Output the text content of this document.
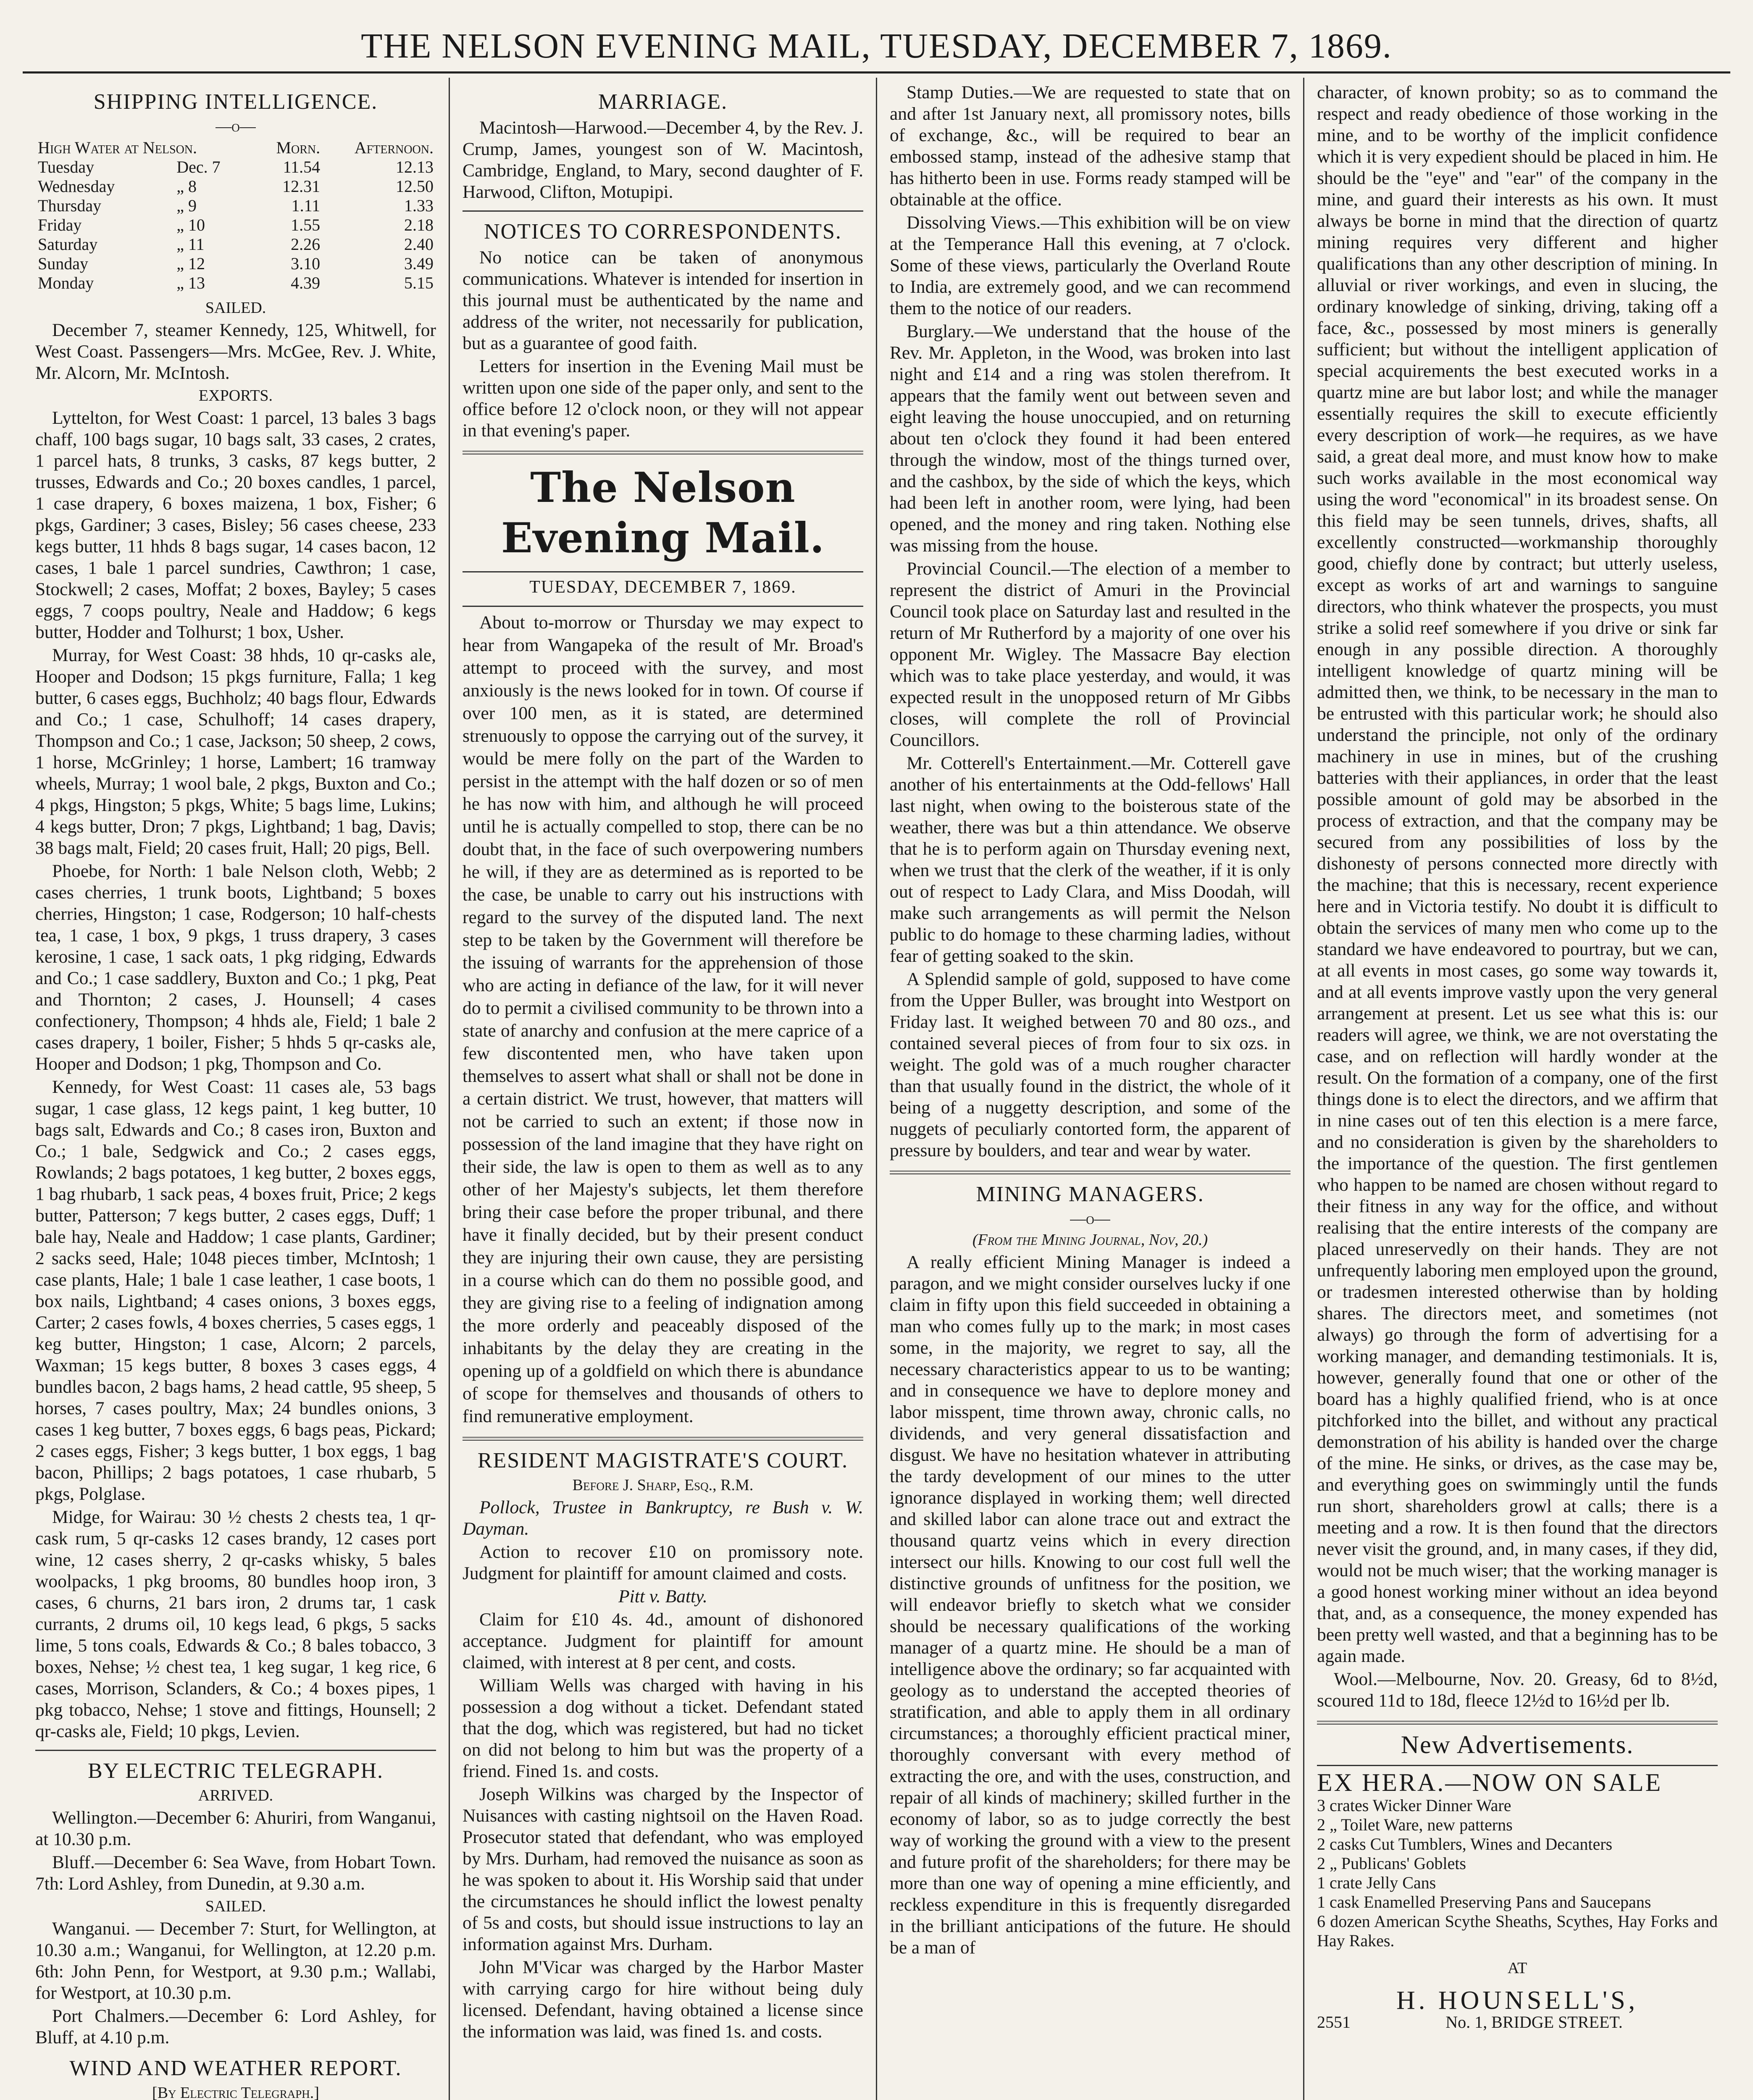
THE NELSON EVENING MAIL, TUESDAY, DECEMBER 7, 1869.
SHIPPING INTELLIGENCE.
—o—
High Water at Nelson.		Morn.	Afternoon.
Tuesday	Dec. 7	11.54	12.13
Wednesday	„ 8	12.31	12.50
Thursday	„ 9	1.11	1.33
Friday	„ 10	1.55	2.18
Saturday	„ 11	2.26	2.40
Sunday	„ 12	3.10	3.49
Monday	„ 13	4.39	5.15
SAILED.

December 7, steamer Kennedy, 125, Whitwell, for West Coast. Passengers—Mrs. McGee, Rev. J. White, Mr. Alcorn, Mr. McIntosh.

EXPORTS.

Lyttelton, for West Coast: 1 parcel, 13 bales 3 bags chaff, 100 bags sugar, 10 bags salt, 33 cases, 2 crates, 1 parcel hats, 8 trunks, 3 casks, 87 kegs butter, 2 trusses, Edwards and Co.; 20 boxes candles, 1 parcel, 1 case drapery, 6 boxes maizena, 1 box, Fisher; 6 pkgs, Gardiner; 3 cases, Bisley; 56 cases cheese, 233 kegs butter, 11 hhds 8 bags sugar, 14 cases bacon, 12 cases, 1 bale 1 parcel sundries, Cawthron; 1 case, Stockwell; 2 cases, Moffat; 2 boxes, Bayley; 5 cases eggs, 7 coops poultry, Neale and Haddow; 6 kegs butter, Hodder and Tolhurst; 1 box, Usher.

Murray, for West Coast: 38 hhds, 10 qr-casks ale, Hooper and Dodson; 15 pkgs furniture, Falla; 1 keg butter, 6 cases eggs, Buchholz; 40 bags flour, Edwards and Co.; 1 case, Schulhoff; 14 cases drapery, Thompson and Co.; 1 case, Jackson; 50 sheep, 2 cows, 1 horse, McGrinley; 1 horse, Lambert; 16 tramway wheels, Murray; 1 wool bale, 2 pkgs, Buxton and Co.; 4 pkgs, Hingston; 5 pkgs, White; 5 bags lime, Lukins; 4 kegs butter, Dron; 7 pkgs, Lightband; 1 bag, Davis; 38 bags malt, Field; 20 cases fruit, Hall; 20 pigs, Bell.

Phoebe, for North: 1 bale Nelson cloth, Webb; 2 cases cherries, 1 trunk boots, Lightband; 5 boxes cherries, Hingston; 1 case, Rodgerson; 10 half-chests tea, 1 case, 1 box, 9 pkgs, 1 truss drapery, 3 cases kerosine, 1 case, 1 sack oats, 1 pkg ridging, Edwards and Co.; 1 case saddlery, Buxton and Co.; 1 pkg, Peat and Thornton; 2 cases, J. Hounsell; 4 cases confectionery, Thompson; 4 hhds ale, Field; 1 bale 2 cases drapery, 1 boiler, Fisher; 5 hhds 5 qr-casks ale, Hooper and Dodson; 1 pkg, Thompson and Co.

Kennedy, for West Coast: 11 cases ale, 53 bags sugar, 1 case glass, 12 kegs paint, 1 keg butter, 10 bags salt, Edwards and Co.; 8 cases iron, Buxton and Co.; 1 bale, Sedgwick and Co.; 2 cases eggs, Rowlands; 2 bags potatoes, 1 keg butter, 2 boxes eggs, 1 bag rhubarb, 1 sack peas, 4 boxes fruit, Price; 2 kegs butter, Patterson; 7 kegs butter, 2 cases eggs, Duff; 1 bale hay, Neale and Haddow; 1 case plants, Gardiner; 2 sacks seed, Hale; 1048 pieces timber, McIntosh; 1 case plants, Hale; 1 bale 1 case leather, 1 case boots, 1 box nails, Lightband; 4 cases onions, 3 boxes eggs, Carter; 2 cases fowls, 4 boxes cherries, 5 cases eggs, 1 keg butter, Hingston; 1 case, Alcorn; 2 parcels, Waxman; 15 kegs butter, 8 boxes 3 cases eggs, 4 bundles bacon, 2 bags hams, 2 head cattle, 95 sheep, 5 horses, 7 cases poultry, Max; 24 bundles onions, 3 cases 1 keg butter, 7 boxes eggs, 6 bags peas, Pickard; 2 cases eggs, Fisher; 3 kegs butter, 1 box eggs, 1 bag bacon, Phillips; 2 bags potatoes, 1 case rhubarb, 5 pkgs, Polglase.

Midge, for Wairau: 30 ½ chests 2 chests tea, 1 qr-cask rum, 5 qr-casks 12 cases brandy, 12 cases port wine, 12 cases sherry, 2 qr-casks whisky, 5 bales woolpacks, 1 pkg brooms, 80 bundles hoop iron, 3 cases, 6 churns, 21 bars iron, 2 drums tar, 1 cask currants, 2 drums oil, 10 kegs lead, 6 pkgs, 5 sacks lime, 5 tons coals, Edwards & Co.; 8 bales tobacco, 3 boxes, Nehse; ½ chest tea, 1 keg sugar, 1 keg rice, 6 cases, Morrison, Sclanders, & Co.; 4 boxes pipes, 1 pkg tobacco, Nehse; 1 stove and fittings, Hounsell; 2 qr-casks ale, Field; 10 pkgs, Levien.

BY ELECTRIC TELEGRAPH.
ARRIVED.

Wellington.—December 6: Ahuriri, from Wanganui, at 10.30 p.m.

Bluff.—December 6: Sea Wave, from Hobart Town. 7th: Lord Ashley, from Dunedin, at 9.30 a.m.

SAILED.

Wanganui. — December 7: Sturt, for Wellington, at 10.30 a.m.; Wanganui, for Wellington, at 12.20 p.m. 6th: John Penn, for Westport, at 9.30 p.m.; Wallabi, for Westport, at 10.30 p.m.

Port Chalmers.—December 6: Lord Ashley, for Bluff, at 4.10 p.m.

WIND AND WEATHER REPORT.
[By Electric Telegraph.]

MARRIAGE.

Macintosh—Harwood.—December 4, by the Rev. J. Crump, James, youngest son of W. Macintosh, Cambridge, England, to Mary, second daughter of F. Harwood, Clifton, Motupipi.

NOTICES TO CORRESPONDENTS.

No notice can be taken of anonymous communications. Whatever is intended for insertion in this journal must be authenticated by the name and address of the writer, not necessarily for publication, but as a guarantee of good faith.

Letters for insertion in the Evening Mail must be written upon one side of the paper only, and sent to the office before 12 o'clock noon, or they will not appear in that evening's paper.

The Nelson Evening Mail.
TUESDAY, DECEMBER 7, 1869.

About to-morrow or Thursday we may expect to hear from Wangapeka of the result of Mr. Broad's attempt to proceed with the survey, and most anxiously is the news looked for in town. Of course if over 100 men, as it is stated, are determined strenuously to oppose the carrying out of the survey, it would be mere folly on the part of the Warden to persist in the attempt with the half dozen or so of men he has now with him, and although he will proceed until he is actually compelled to stop, there can be no doubt that, in the face of such overpowering numbers he will, if they are as determined as is reported to be the case, be unable to carry out his instructions with regard to the survey of the disputed land. The next step to be taken by the Government will therefore be the issuing of warrants for the apprehension of those who are acting in defiance of the law, for it will never do to permit a civilised community to be thrown into a state of anarchy and confusion at the mere caprice of a few discontented men, who have taken upon themselves to assert what shall or shall not be done in a certain district. We trust, however, that matters will not be carried to such an extent; if those now in possession of the land imagine that they have right on their side, the law is open to them as well as to any other of her Majesty's subjects, let them therefore bring their case before the proper tribunal, and there have it finally decided, but by their present conduct they are injuring their own cause, they are persisting in a course which can do them no possible good, and they are giving rise to a feeling of indignation among the more orderly and peaceably disposed of the inhabitants by the delay they are creating in the opening up of a goldfield on which there is abundance of scope for themselves and thousands of others to find remunerative employment.

RESIDENT MAGISTRATE'S COURT.
Before J. Sharp, Esq., R.M.

Pollock, Trustee in Bankruptcy, re Bush v. W. Dayman.

Action to recover £10 on promissory note. Judgment for plaintiff for amount claimed and costs.

Pitt v. Batty.

Claim for £10 4s. 4d., amount of dishonored acceptance. Judgment for plaintiff for amount claimed, with interest at 8 per cent, and costs.

William Wells was charged with having in his possession a dog without a ticket. Defendant stated that the dog, which was registered, but had no ticket on did not belong to him but was the property of a friend. Fined 1s. and costs.

Joseph Wilkins was charged by the Inspector of Nuisances with casting nightsoil on the Haven Road. Prosecutor stated that defendant, who was employed by Mrs. Durham, had removed the nuisance as soon as he was spoken to about it. His Worship said that under the circumstances he should inflict the lowest penalty of 5s and costs, but should issue instructions to lay an information against Mrs. Durham.

John M'Vicar was charged by the Harbor Master with carrying cargo for hire without being duly licensed. Defendant, having obtained a license since the information was laid, was fined 1s. and costs.

Stamp Duties.—We are requested to state that on and after 1st January next, all promissory notes, bills of exchange, &c., will be required to bear an embossed stamp, instead of the adhesive stamp that has hitherto been in use. Forms ready stamped will be obtainable at the office.

Dissolving Views.—This exhibition will be on view at the Temperance Hall this evening, at 7 o'clock. Some of these views, particularly the Overland Route to India, are extremely good, and we can recommend them to the notice of our readers.

Burglary.—We understand that the house of the Rev. Mr. Appleton, in the Wood, was broken into last night and £14 and a ring was stolen therefrom. It appears that the family went out between seven and eight leaving the house unoccupied, and on returning about ten o'clock they found it had been entered through the window, most of the things turned over, and the cashbox, by the side of which the keys, which had been left in another room, were lying, had been opened, and the money and ring taken. Nothing else was missing from the house.

Provincial Council.—The election of a member to represent the district of Amuri in the Provincial Council took place on Saturday last and resulted in the return of Mr Rutherford by a majority of one over his opponent Mr. Wigley. The Massacre Bay election which was to take place yesterday, and would, it was expected result in the unopposed return of Mr Gibbs closes, will complete the roll of Provincial Councillors.

Mr. Cotterell's Entertainment.—Mr. Cotterell gave another of his entertainments at the Odd-fellows' Hall last night, when owing to the boisterous state of the weather, there was but a thin attendance. We observe that he is to perform again on Thursday evening next, when we trust that the clerk of the weather, if it is only out of respect to Lady Clara, and Miss Doodah, will make such arrangements as will permit the Nelson public to do homage to these charming ladies, without fear of getting soaked to the skin.

A Splendid sample of gold, supposed to have come from the Upper Buller, was brought into Westport on Friday last. It weighed between 70 and 80 ozs., and contained several pieces of from four to six ozs. in weight. The gold was of a much rougher character than that usually found in the district, the whole of it being of a nuggetty description, and some of the nuggets of peculiarly contorted form, the apparent of pressure by boulders, and tear and wear by water.

MINING MANAGERS.
—o—
(From the Mining Journal, Nov, 20.)

A really efficient Mining Manager is indeed a paragon, and we might consider ourselves lucky if one claim in fifty upon this field succeeded in obtaining a man who comes fully up to the mark; in most cases some, in the majority, we regret to say, all the necessary characteristics appear to us to be wanting; and in consequence we have to deplore money and labor misspent, time thrown away, chronic calls, no dividends, and very general dissatisfaction and disgust. We have no hesitation whatever in attributing the tardy development of our mines to the utter ignorance displayed in working them; well directed and skilled labor can alone trace out and extract the thousand quartz veins which in every direction intersect our hills. Knowing to our cost full well the distinctive grounds of unfitness for the position, we will endeavor briefly to sketch what we consider should be necessary qualifications of the working manager of a quartz mine. He should be a man of intelligence above the ordinary; so far acquainted with geology as to understand the accepted theories of stratification, and able to apply them in all ordinary circumstances; a thoroughly efficient practical miner, thoroughly conversant with every method of extracting the ore, and with the uses, construction, and repair of all kinds of machinery; skilled further in the economy of labor, so as to judge correctly the best way of working the ground with a view to the present and future profit of the shareholders; for there may be more than one way of opening a mine efficiently, and reckless expenditure in this is frequently disregarded in the brilliant anticipations of the future. He should be a man of

character, of known probity; so as to command the respect and ready obedience of those working in the mine, and to be worthy of the implicit confidence which it is very expedient should be placed in him. He should be the "eye" and "ear" of the company in the mine, and guard their interests as his own. It must always be borne in mind that the direction of quartz mining requires very different and higher qualifications than any other description of mining. In alluvial or river workings, and even in slucing, the ordinary knowledge of sinking, driving, taking off a face, &c., possessed by most miners is generally sufficient; but without the intelligent application of special acquirements the best executed works in a quartz mine are but labor lost; and while the manager essentially requires the skill to execute efficiently every description of work—he requires, as we have said, a great deal more, and must know how to make such works available in the most economical way using the word "economical" in its broadest sense. On this field may be seen tunnels, drives, shafts, all excellently constructed—workmanship thoroughly good, chiefly done by contract; but utterly useless, except as works of art and warnings to sanguine directors, who think whatever the prospects, you must strike a solid reef somewhere if you drive or sink far enough in any possible direction. A thoroughly intelligent knowledge of quartz mining will be admitted then, we think, to be necessary in the man to be entrusted with this particular work; he should also understand the principle, not only of the ordinary machinery in use in mines, but of the crushing batteries with their appliances, in order that the least possible amount of gold may be absorbed in the process of extraction, and that the company may be secured from any possibilities of loss by the dishonesty of persons connected more directly with the machine; that this is necessary, recent experience here and in Victoria testify. No doubt it is difficult to obtain the services of many men who come up to the standard we have endeavored to pourtray, but we can, at all events in most cases, go some way towards it, and at all events improve vastly upon the very general arrangement at present. Let us see what this is: our readers will agree, we think, we are not overstating the case, and on reflection will hardly wonder at the result. On the formation of a company, one of the first things done is to elect the directors, and we affirm that in nine cases out of ten this election is a mere farce, and no consideration is given by the shareholders to the importance of the question. The first gentlemen who happen to be named are chosen without regard to their fitness in any way for the office, and without realising that the entire interests of the company are placed unreservedly on their hands. They are not unfrequently laboring men employed upon the ground, or tradesmen interested otherwise than by holding shares. The directors meet, and sometimes (not always) go through the form of advertising for a working manager, and demanding testimonials. It is, however, generally found that one or other of the board has a highly qualified friend, who is at once pitchforked into the billet, and without any practical demonstration of his ability is handed over the charge of the mine. He sinks, or drives, as the case may be, and everything goes on swimmingly until the funds run short, shareholders growl at calls; there is a meeting and a row. It is then found that the directors never visit the ground, and, in many cases, if they did, would not be much wiser; that the working manager is a good honest working miner without an idea beyond that, and, as a consequence, the money expended has been pretty well wasted, and that a beginning has to be again made.

Wool.—Melbourne, Nov. 20. Greasy, 6d to 8½d, scoured 11d to 18d, fleece 12½d to 16½d per lb.

New Advertisements.
EX HERA.—NOW ON SALE
3 crates Wicker Dinner Ware
2 „ Toilet Ware, new patterns
2 casks Cut Tumblers, Wines and Decanters
2 „ Publicans' Goblets
1 crate Jelly Cans
1 cask Enamelled Preserving Pans and Saucepans
6 dozen American Scythe Sheaths, Scythes, Hay Forks and Hay Rakes.
AT
H. HOUNSELL'S,
2551	No. 1, BRIDGE STREET.
